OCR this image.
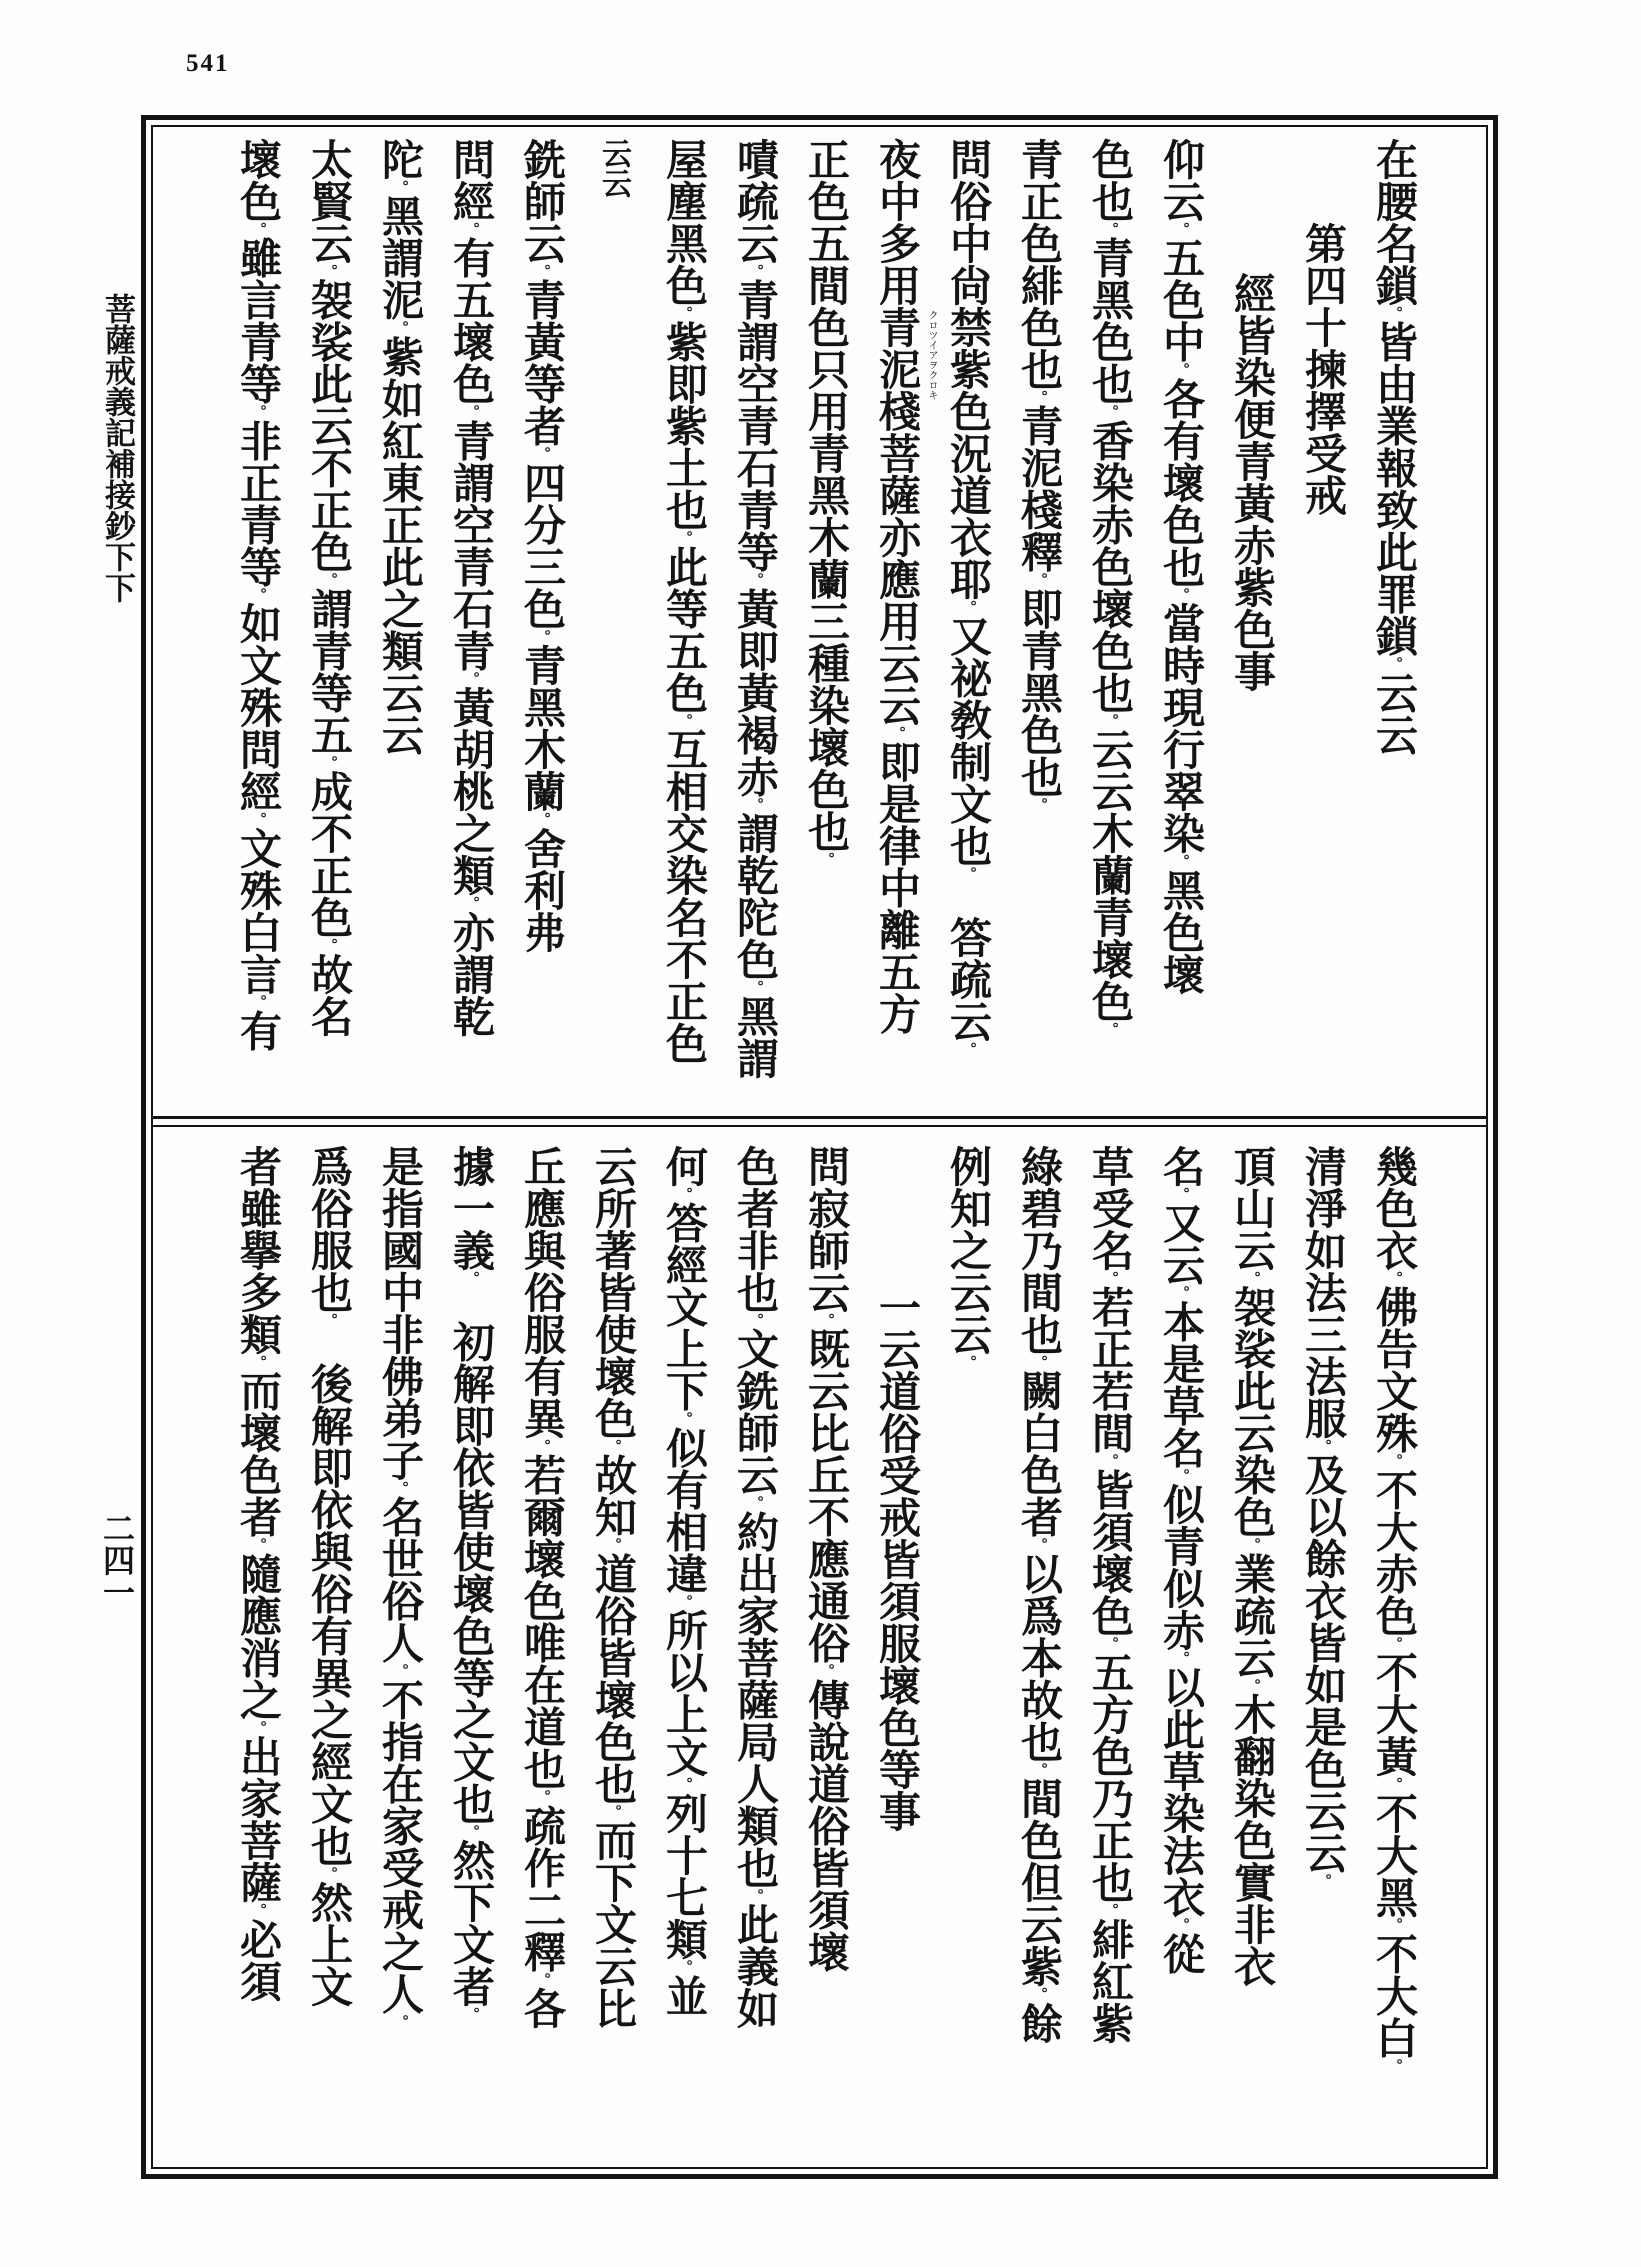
541
菩薩戒義記補接鈔下下
二四一
在腰名鎖。皆由業報致此罪鎖。云云
第四十揀擇受戒
經皆染便青黃赤紫色事
仰云。五色中。各有壞色也。當時現行翠染。黑色壞
色也。青黑色也。香染赤色壞色也。云云木蘭青壞色。
青正色緋色也。青泥棧釋。即青黑色也。
問俗中尙禁紫色況道衣耶。又祕敎制文也。　答疏云。
クロツイアヲクロキ
夜中多用青泥棧菩薩亦應用云云。即是律中離五方
正色五間色只用青黑木蘭三種染壞色也。
嘖疏云。青謂空青石青等。黃即黃褐赤。謂乾陀色。黑謂
屋塵黑色。紫即紫土也。此等五色。互相交染名不正色
云云
銑師云。青黃等者。四分三色。青黑木蘭。舍利弗
問經。有五壞色。青謂空青石青。黃胡桃之類。亦謂乾
陀。黑謂泥。紫如紅東正此之類云云
太賢云。袈裟此云不正色。謂青等五。成不正色。故名
壞色。雖言青等。非正青等。如文殊問經。文殊白言。有
幾色衣。佛告文殊。不大赤色。不大黃。不大黑。不大白。
清淨如法三法服。及以餘衣皆如是色云云。
頂山云。袈裟此云染色。業疏云。木翻染色實非衣
名。又云。本是草名。似青似赤。以此草染法衣。從
草受名。若正若間。皆須壞色。五方色乃正也。緋紅紫
綠碧乃間也。闕白色者。以爲本故也。間色但云紫。餘
例知之云云。
一云道俗受戒皆須服壞色等事
問寂師云。既云比丘不應通俗。傳說道俗皆須壞
色者非也。文銑師云。約出家菩薩局人類也。此義如
何。答經文上下。似有相違。所以上文。列十七類。並
云所著皆使壞色。故知。道俗皆壞色也。而下文云比
丘應與俗服有異。若爾壞色唯在道也。疏作二釋。各
據一義。　初解即依皆使壞色等之文也。然下文者。
是指國中非佛弟子。名世俗人。不指在家受戒之人。
爲俗服也。　後解即依與俗有異之經文也。然上文
者雖擧多類。而壞色者。隨應消之。出家菩薩。必須
